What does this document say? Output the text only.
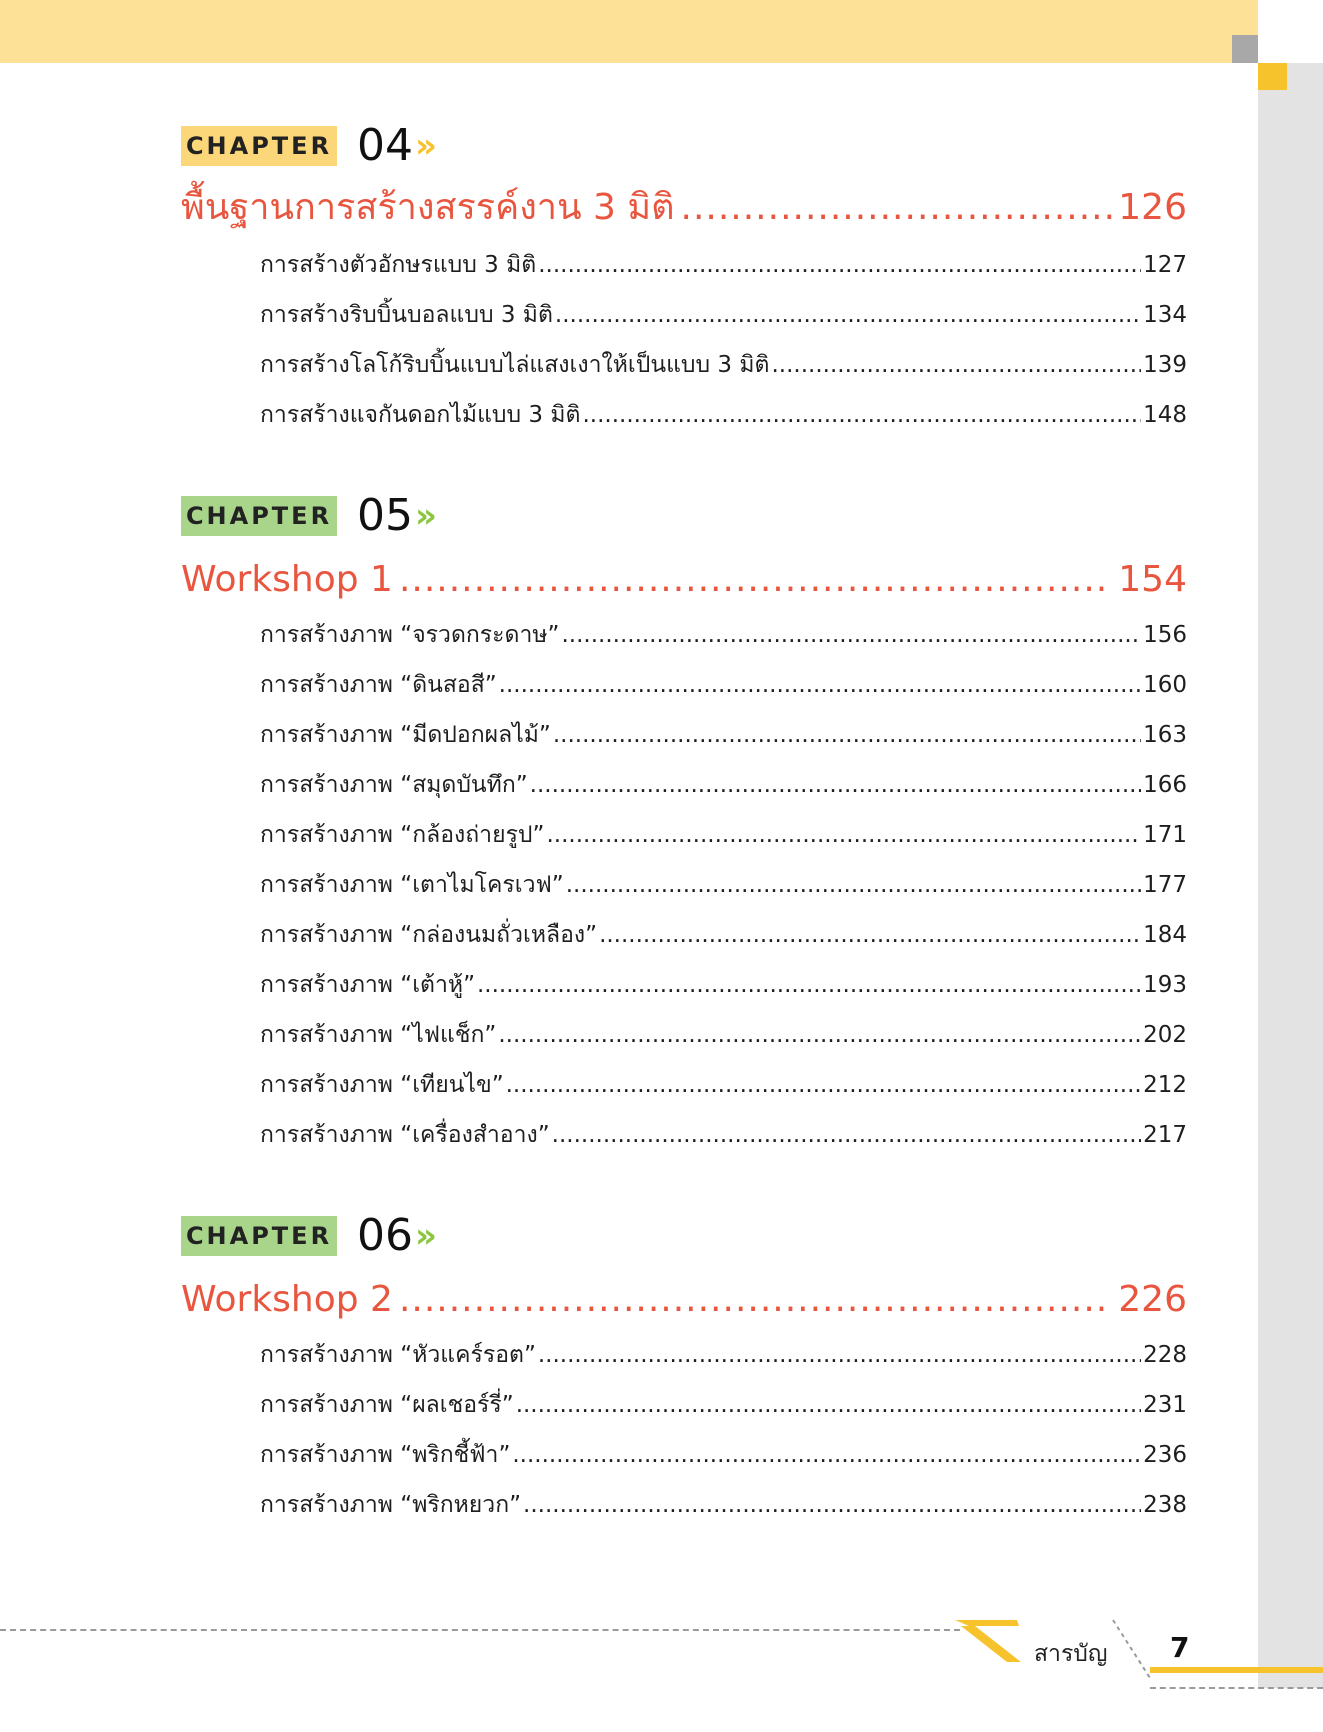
CHAPTER 04 »
พื้นฐานการสร้างสรรค์งาน 3 มิติ .....	126
การสร้างตัวอักษรแบบ 3 มิติ .....	127
การสร้างริบบิ้นบอลแบบ 3 มิติ .....	134
การสร้างโลโก้ริบบิ้นแบบไล่แสงเงาให้เป็นแบบ 3 มิติ .....	139
การสร้างแจกันดอกไม้แบบ 3 มิติ .....	148
CHAPTER 05 »
Workshop 1 .....	154
การสร้างภาพ “จรวดกระดาษ” .....	156
การสร้างภาพ “ดินสอสี” .....	160
การสร้างภาพ “มีดปอกผลไม้” .....	163
การสร้างภาพ “สมุดบันทึก” .....	166
การสร้างภาพ “กล้องถ่ายรูป” .....	171
การสร้างภาพ “เตาไมโครเวฟ” .....	177
การสร้างภาพ “กล่องนมถั่วเหลือง” .....	184
การสร้างภาพ “เต้าหู้” .....	193
การสร้างภาพ “ไฟแช็ก” .....	202
การสร้างภาพ “เทียนไข” .....	212
การสร้างภาพ “เครื่องสำอาง” .....	217
CHAPTER 06 »
Workshop 2 .....	226
การสร้างภาพ “หัวแคร์รอต” .....	228
การสร้างภาพ “ผลเชอร์รี่” .....	231
การสร้างภาพ “พริกชี้ฟ้า” .....	236
การสร้างภาพ “พริกหยวก” .....	238
สารบัญ 7
